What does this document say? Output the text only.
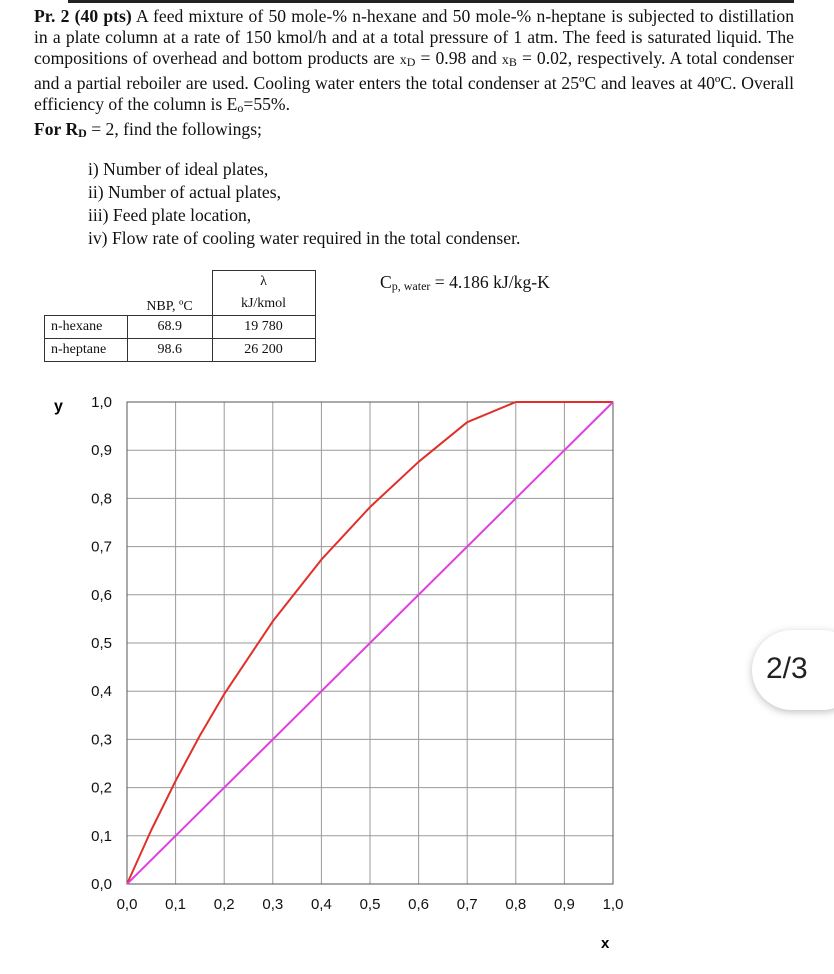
Pr. 2 (40 pts) A feed mixture of 50 mole-% n-hexane and 50 mole-% n-heptane is subjected to distillation in a plate column at a rate of 150 kmol/h and at a total pressure of 1 atm. The feed is saturated liquid. The compositions of overhead and bottom products are xD = 0.98 and xB = 0.02, respectively. A total condenser and a partial reboiler are used. Cooling water enters the total condenser at 25ºC and leaves at 40ºC. Overall efficiency of the column is Eo=55%.
For RD = 2, find the followings;
i) Number of ideal plates,
ii) Number of actual plates,
iii) Feed plate location,
iv) Flow rate of cooling water required in the total condenser.
Cp, water = 4.186 kJ/kg-K
	NBP, ºC	λ
kJ/kmol

n-hexane	68.9	19 780
n-heptane	98.6	26 200
0,0
0,0
0,1
0,1
0,2
0,2
0,3
0,3
0,4
0,4
0,5
0,5
0,6
0,6
0,7
0,7
0,8
0,8
0,9
0,9
1,0
1,0
y
x
2/3
